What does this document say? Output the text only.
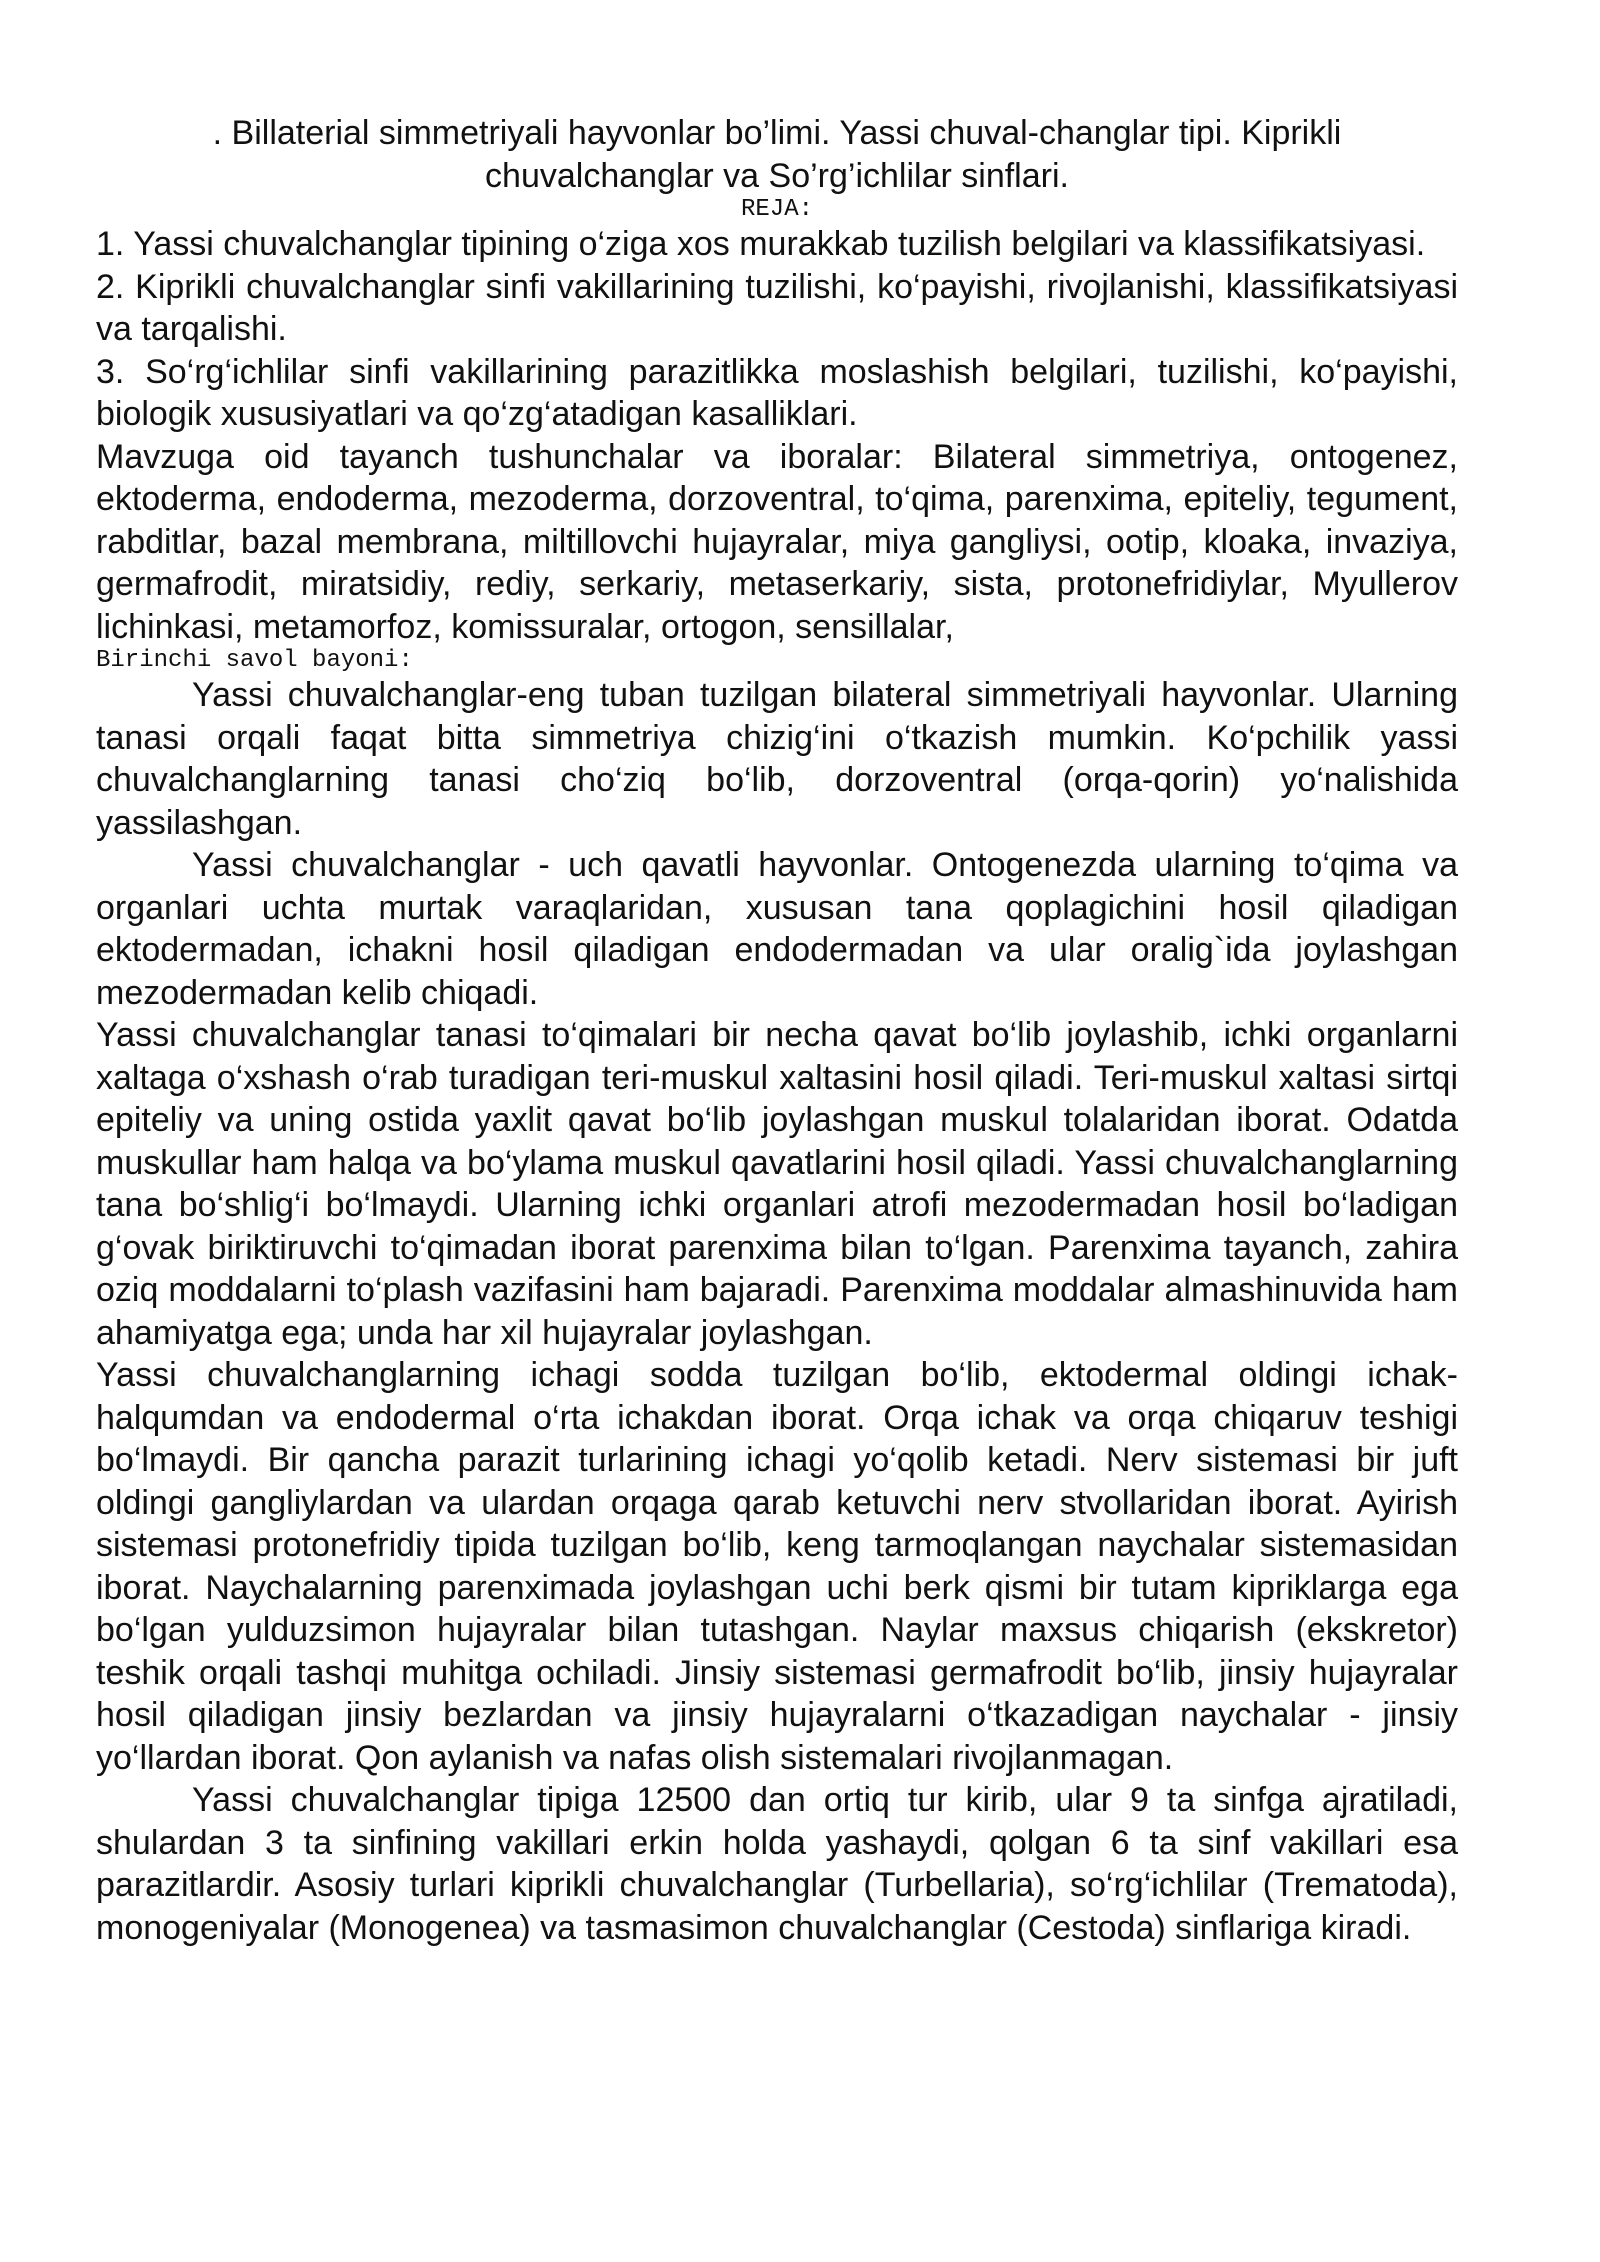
. Billaterial simmetriyali hayvonlar bo’limi. Yassi chuval-changlar tipi. Kiprikli chuvalchanglar va So’rg’ichlilar sinflari.
REJA:

1. Yassi chuvalchanglar tipining o‘ziga xos murakkab tuzilish belgilari va klassifikatsiyasi.

2. Kiprikli chuvalchanglar sinfi vakillarining tuzilishi, ko‘payishi, rivojlanishi, klassifikatsiyasi va tarqalishi.

3. So‘rg‘ichlilar sinfi vakillarining parazitlikka moslashish belgilari, tuzilishi, ko‘payishi, biologik xususiyatlari va qo‘zg‘atadigan kasalliklari.

Mavzuga oid tayanch tushunchalar va iboralar: Bilateral simmetriya, ontogenez, ektoderma, endoderma, mezoderma, dorzoventral, to‘qima, parenxima, epiteliy, tegument, rabditlar, bazal membrana, miltillovchi hujayralar, miya gangliysi, ootip, kloaka, invaziya, germafrodit, miratsidiy, rediy, serkariy, metaserkariy, sista, protonefridiylar, Myullerov lichinkasi, metamorfoz, komissuralar, ortogon, sensillalar,

Birinchi savol bayoni:

Yassi chuvalchanglar-eng tuban tuzilgan bilateral simmetriyali hayvonlar. Ularning tanasi orqali faqat bitta simmetriya chizig‘ini o‘tkazish mumkin. Ko‘pchilik yassi chuvalchanglarning tanasi cho‘ziq bo‘lib, dorzoventral (orqa-qorin) yo‘nalishida yassilashgan.

Yassi chuvalchanglar - uch qavatli hayvonlar. Ontogenezda ularning to‘qima va organlari uchta murtak varaqlaridan, xususan tana qoplagichini hosil qiladigan ektodermadan, ichakni hosil qiladigan endodermadan va ular oralig`ida joylashgan mezodermadan kelib chiqadi.

Yassi chuvalchanglar tanasi to‘qimalari bir necha qavat bo‘lib joylashib, ichki organlarni xaltaga o‘xshash o‘rab turadigan teri-muskul xaltasini hosil qiladi. Teri-muskul xaltasi sirtqi epiteliy va uning ostida yaxlit qavat bo‘lib joylashgan muskul tolalaridan iborat. Odatda muskullar ham halqa va bo‘ylama muskul qavatlarini hosil qiladi. Yassi chuvalchanglarning tana bo‘shlig‘i bo‘lmaydi. Ularning ichki organlari atrofi mezodermadan hosil bo‘ladigan g‘ovak biriktiruvchi to‘qimadan iborat parenxima bilan to‘lgan. Parenxima tayanch, zahira oziq moddalarni to‘plash vazifasini ham bajaradi. Parenxima moddalar almashinuvida ham ahamiyatga ega; unda har xil hujayralar joylashgan.

Yassi chuvalchanglarning ichagi sodda tuzilgan bo‘lib, ektodermal oldingi ichak-halqumdan va endodermal o‘rta ichakdan iborat. Orqa ichak va orqa chiqaruv teshigi bo‘lmaydi. Bir qancha parazit turlarining ichagi yo‘qolib ketadi. Nerv sistemasi bir juft oldingi gangliylardan va ulardan orqaga qarab ketuvchi nerv stvollaridan iborat. Ayirish sistemasi protonefridiy tipida tuzilgan bo‘lib, keng tarmoqlangan naychalar sistemasidan iborat. Naychalarning parenximada joylashgan uchi berk qismi bir tutam kipriklarga ega bo‘lgan yulduzsimon hujayralar bilan tutashgan. Naylar maxsus chiqarish (ekskretor) teshik orqali tashqi muhitga ochiladi. Jinsiy sistemasi germafrodit bo‘lib, jinsiy hujayralar hosil qiladigan jinsiy bezlardan va jinsiy hujayralarni o‘tkazadigan naychalar - jinsiy yo‘llardan iborat. Qon aylanish va nafas olish sistemalari rivojlanmagan.

Yassi chuvalchanglar tipiga 12500 dan ortiq tur kirib, ular 9 ta sinfga ajratiladi, shulardan 3 ta sinfining vakillari erkin holda yashaydi, qolgan 6 ta sinf vakillari esa parazitlardir. Asosiy turlari kiprikli chuvalchanglar (Turbellaria), so‘rg‘ichlilar (Trematoda), monogeniyalar (Monogenea) va tasmasimon chuvalchanglar (Cestoda) sinflariga kiradi.
